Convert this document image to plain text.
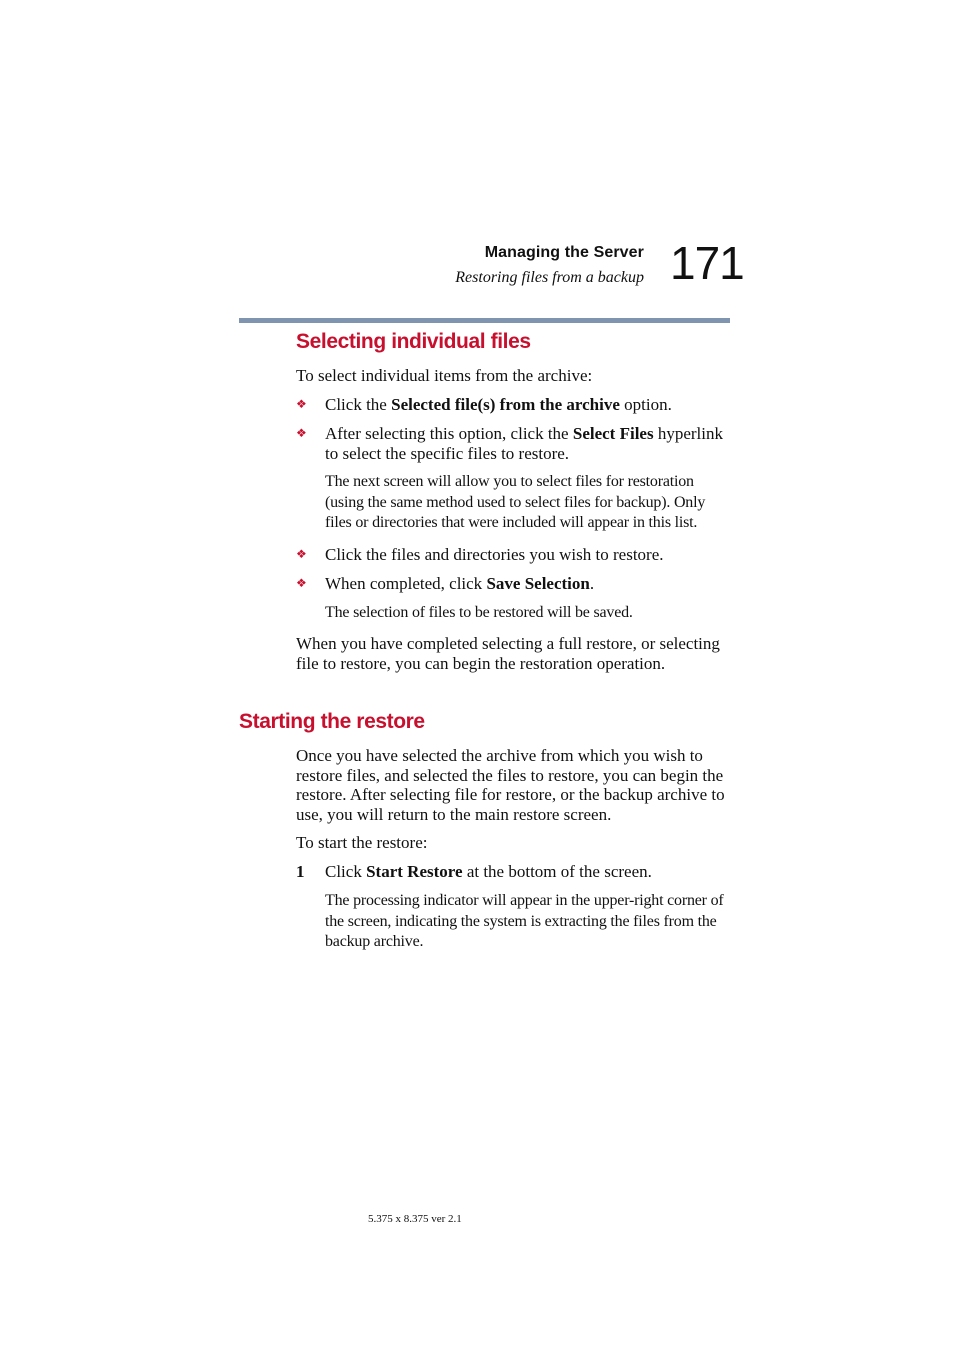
Managing the Server
Restoring files from a backup 171
Selecting individual files
To select individual items from the archive:
❖	Click the Selected file(s) from the archive option.
❖	After selecting this option, click the Select Files hyperlink to select the specific files to restore.
The next screen will allow you to select files for restoration (using the same method used to select files for backup). Only files or directories that were included will appear in this list.
❖	Click the files and directories you wish to restore.
❖	When completed, click Save Selection.
The selection of files to be restored will be saved.
When you have completed selecting a full restore, or selecting file to restore, you can begin the restoration operation.
Starting the restore
Once you have selected the archive from which you wish to restore files, and selected the files to restore, you can begin the restore. After selecting file for restore, or the backup archive to use, you will return to the main restore screen.
To start the restore:
1 Click Start Restore at the bottom of the screen.
The processing indicator will appear in the upper-right corner of the screen, indicating the system is extracting the files from the backup archive.
5.375 x 8.375 ver 2.1
